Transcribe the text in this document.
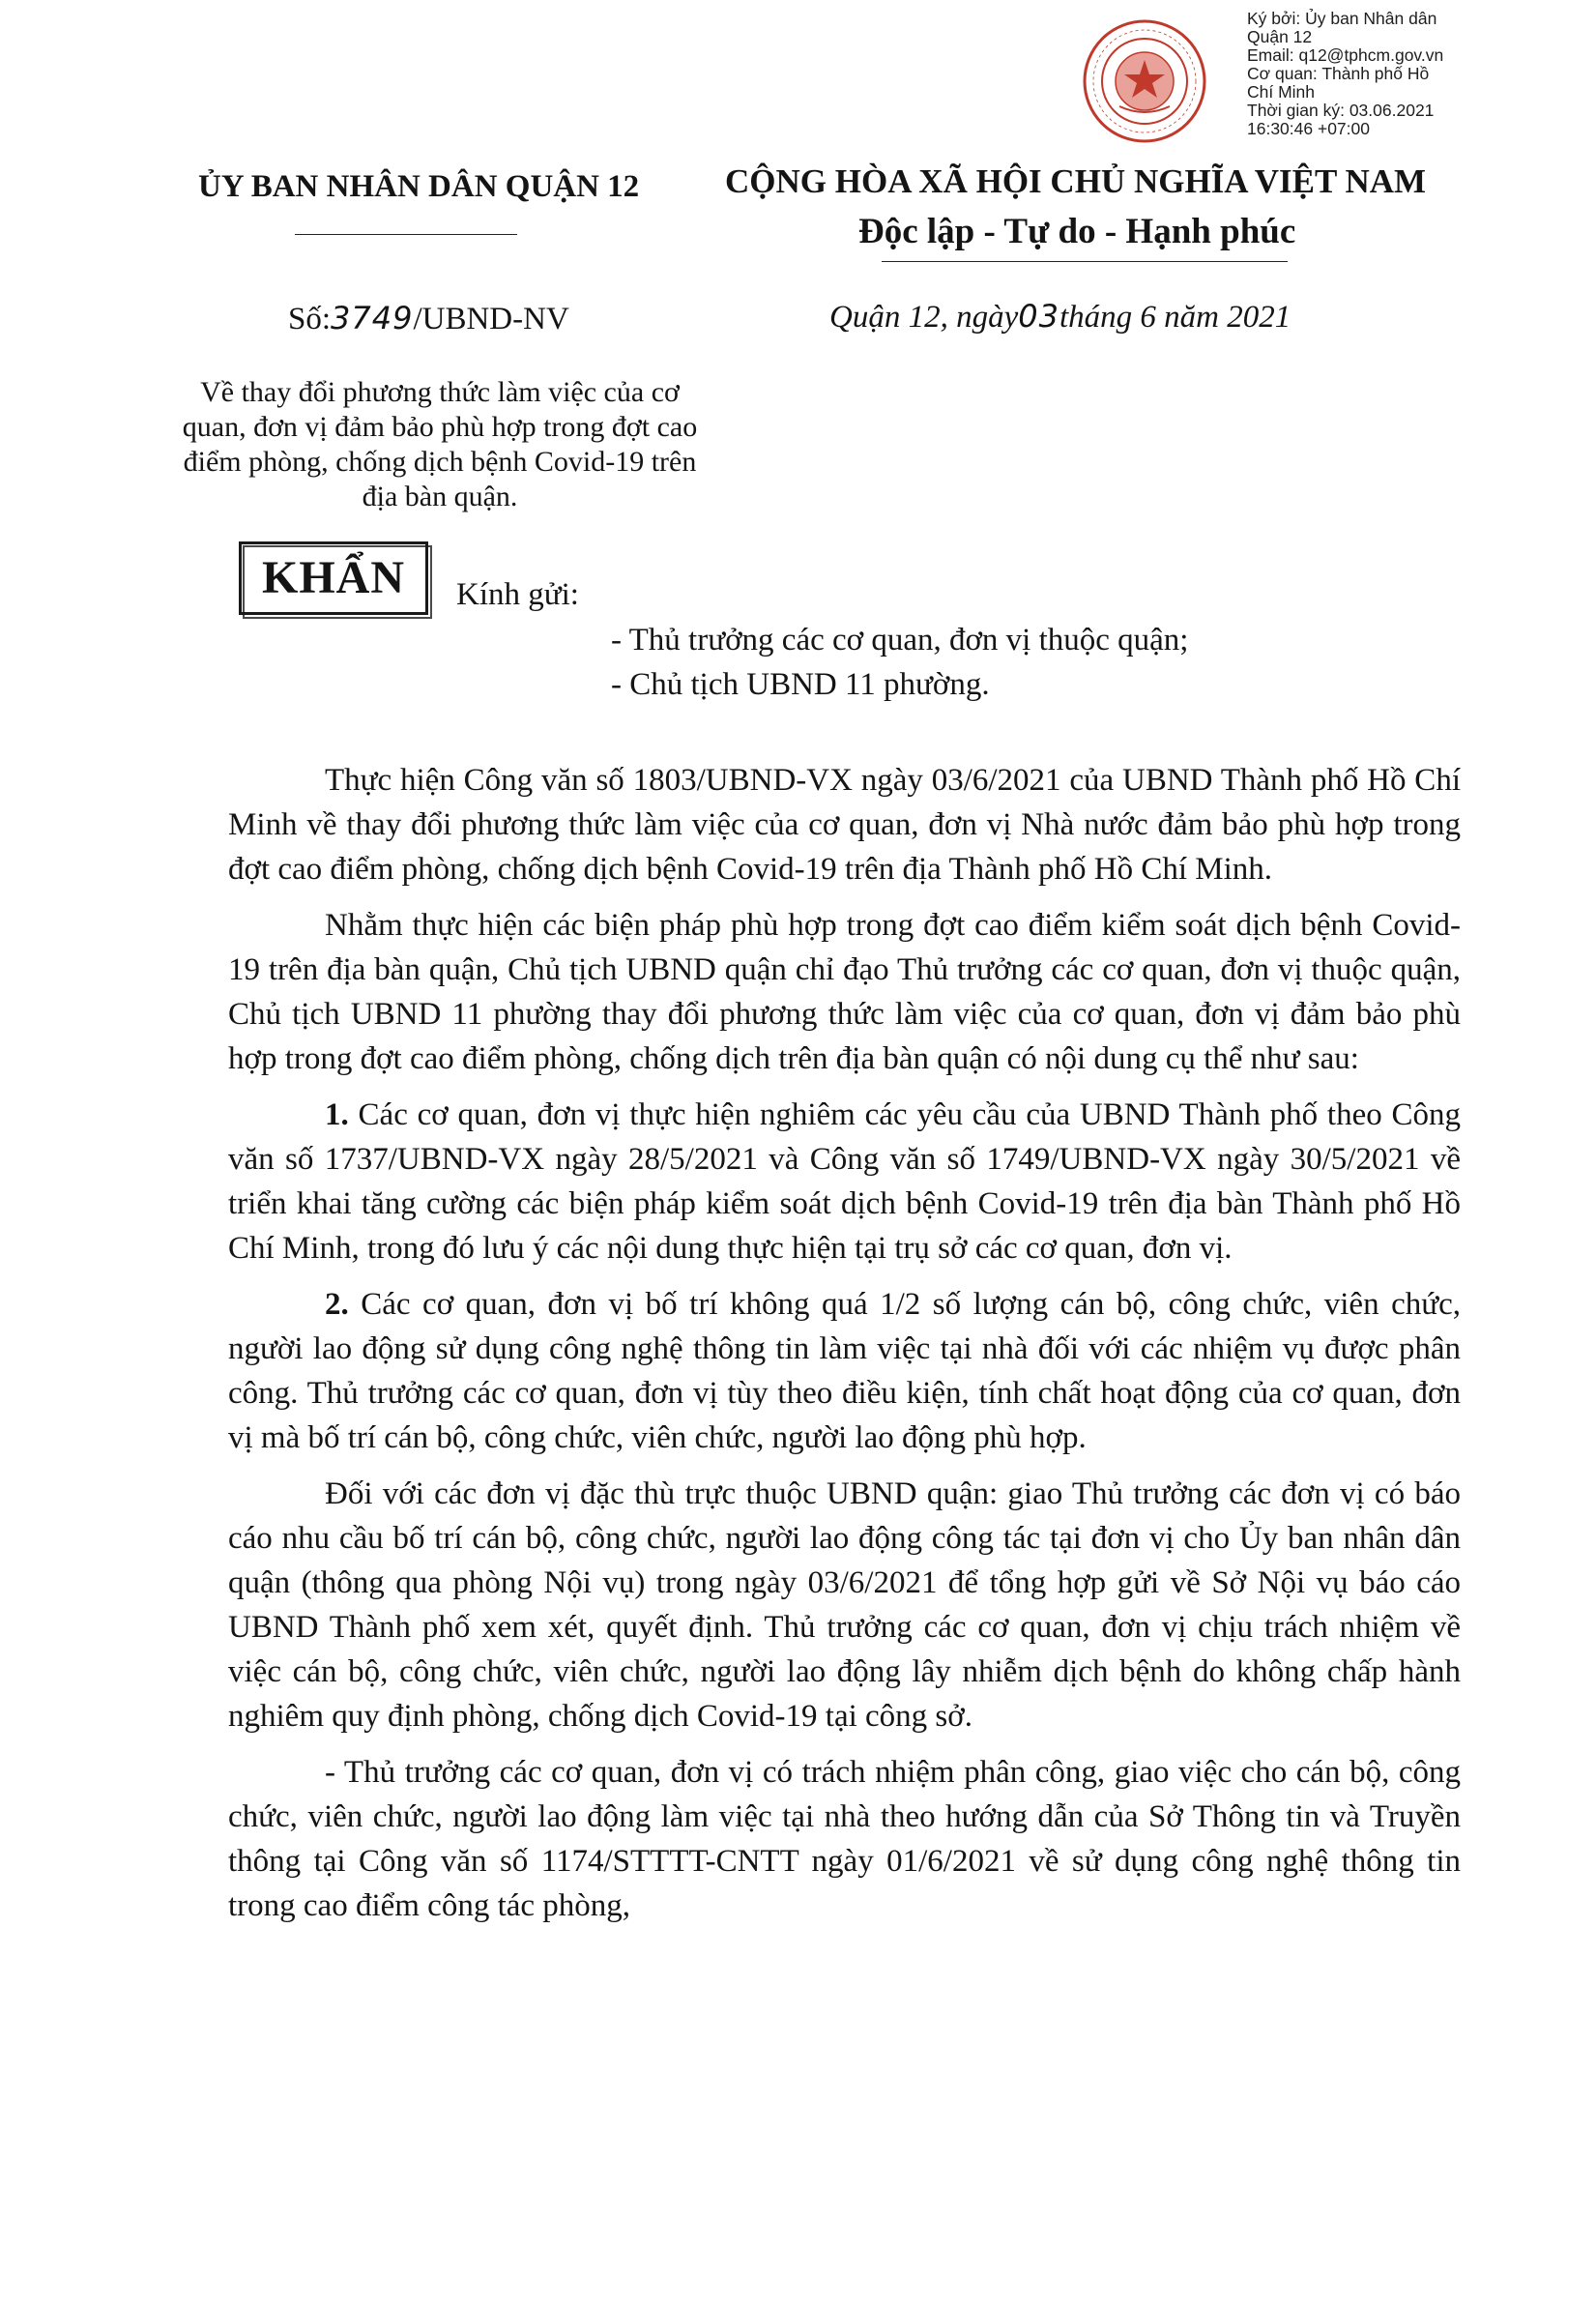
Ký bởi: Ủy ban Nhân dân
Quận 12
Email: q12@tphcm.gov.vn
Cơ quan: Thành phố Hồ
Chí Minh
Thời gian ký: 03.06.2021
16:30:46 +07:00
ỦY BAN NHÂN DÂN QUẬN 12	CỘNG HÒA XÃ HỘI CHỦ NGHĨA VIỆT NAM
Độc lập - Tự do - Hạnh phúc
Số:3749/UBND-NV	Quận 12, ngày03tháng 6 năm 2021
Về thay đổi phương thức làm việc của cơ quan, đơn vị đảm bảo phù hợp trong đợt cao điểm phòng, chống dịch bệnh Covid-19 trên địa bàn quận.
KHẨN	Kính gửi:
- Thủ trưởng các cơ quan, đơn vị thuộc quận;
- Chủ tịch UBND 11 phường.

Thực hiện Công văn số 1803/UBND-VX ngày 03/6/2021 của UBND Thành phố Hồ Chí Minh về thay đổi phương thức làm việc của cơ quan, đơn vị Nhà nước đảm bảo phù hợp trong đợt cao điểm phòng, chống dịch bệnh Covid-19 trên địa Thành phố Hồ Chí Minh.

Nhằm thực hiện các biện pháp phù hợp trong đợt cao điểm kiểm soát dịch bệnh Covid-19 trên địa bàn quận, Chủ tịch UBND quận chỉ đạo Thủ trưởng các cơ quan, đơn vị thuộc quận, Chủ tịch UBND 11 phường thay đổi phương thức làm việc của cơ quan, đơn vị đảm bảo phù hợp trong đợt cao điểm phòng, chống dịch trên địa bàn quận có nội dung cụ thể như sau:

1. Các cơ quan, đơn vị thực hiện nghiêm các yêu cầu của UBND Thành phố theo Công văn số 1737/UBND-VX ngày 28/5/2021 và Công văn số 1749/UBND-VX ngày 30/5/2021 về triển khai tăng cường các biện pháp kiểm soát dịch bệnh Covid-19 trên địa bàn Thành phố Hồ Chí Minh, trong đó lưu ý các nội dung thực hiện tại trụ sở các cơ quan, đơn vị.

2. Các cơ quan, đơn vị bố trí không quá 1/2 số lượng cán bộ, công chức, viên chức, người lao động sử dụng công nghệ thông tin làm việc tại nhà đối với các nhiệm vụ được phân công. Thủ trưởng các cơ quan, đơn vị tùy theo điều kiện, tính chất hoạt động của cơ quan, đơn vị mà bố trí cán bộ, công chức, viên chức, người lao động phù hợp.

Đối với các đơn vị đặc thù trực thuộc UBND quận: giao Thủ trưởng các đơn vị có báo cáo nhu cầu bố trí cán bộ, công chức, người lao động công tác tại đơn vị cho Ủy ban nhân dân quận (thông qua phòng Nội vụ) trong ngày 03/6/2021 để tổng hợp gửi về Sở Nội vụ báo cáo UBND Thành phố xem xét, quyết định. Thủ trưởng các cơ quan, đơn vị chịu trách nhiệm về việc cán bộ, công chức, viên chức, người lao động lây nhiễm dịch bệnh do không chấp hành nghiêm quy định phòng, chống dịch Covid-19 tại công sở.

- Thủ trưởng các cơ quan, đơn vị có trách nhiệm phân công, giao việc cho cán bộ, công chức, viên chức, người lao động làm việc tại nhà theo hướng dẫn của Sở Thông tin và Truyền thông tại Công văn số 1174/STTTT-CNTT ngày 01/6/2021 về sử dụng công nghệ thông tin trong cao điểm công tác phòng,
